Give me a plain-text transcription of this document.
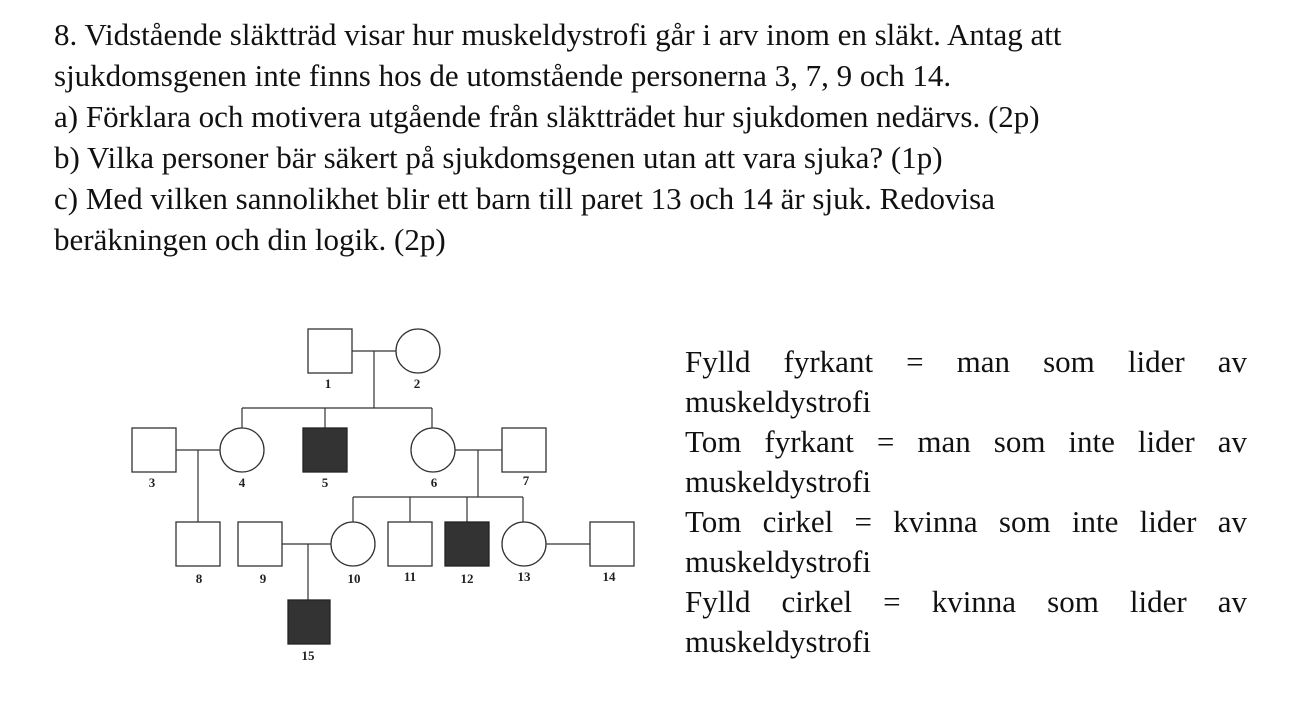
8. Vidstående släktträd visar hur muskeldystrofi går i arv inom en släkt. Antag att

sjukdomsgenen inte finns hos de utomstående personerna 3, 7, 9 och 14.

a) Förklara och motivera utgående från släktträdet hur sjukdomen nedärvs. (2p)

b) Vilka personer bär säkert på sjukdomsgenen utan att vara sjuka? (1p)

c) Med vilken sannolikhet blir ett barn till paret 13 och 14 är sjuk. Redovisa

beräkningen och din logik. (2p)

1	2
3	4	5	6	7
8	9	10	11	12	13	14
15
Fylld fyrkant = man som lider av muskeldystrofi
Tom fyrkant = man som inte lider av muskeldystrofi
Tom cirkel = kvinna som inte lider av muskeldystrofi
Fylld cirkel = kvinna som lider av muskeldystrofi
